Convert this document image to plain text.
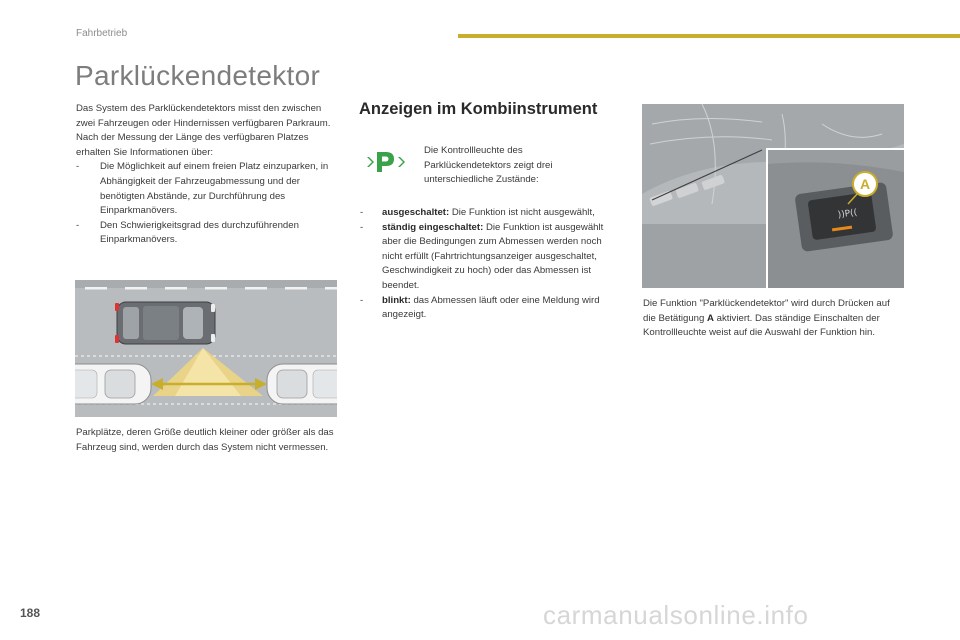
Fahrbetrieb
Parklückendetektor
Das System des Parklückendetektors misst den zwischen zwei Fahrzeugen oder Hindernissen verfügbaren Parkraum. Nach der Messung der Länge des verfügbaren Platzes erhalten Sie Informationen über:
- Die Möglichkeit auf einem freien Platz einzuparken, in Abhängigkeit der Fahrzeugabmessung und der benötigten Abstände, zur Durchführung des Einparkmanövers.
- Den Schwierigkeitsgrad des durchzuführenden Einparkmanövers.
Parkplätze, deren Größe deutlich kleiner oder größer als das Fahrzeug sind, werden durch das System nicht vermessen.
Anzeigen im Kombiinstrument
Die Kontrollleuchte des Parklückendetektors zeigt drei unterschiedliche Zustände:
- ausgeschaltet: Die Funktion ist nicht ausgewählt,
- ständig eingeschaltet: Die Funktion ist ausgewählt aber die Bedingungen zum Abmessen werden noch nicht erfüllt (Fahrtrichtungsanzeiger ausgeschaltet, Geschwindigkeit zu hoch) oder das Abmessen ist beendet.
- blinkt: das Abmessen läuft oder eine Meldung wird angezeigt.
))P((
A
Die Funktion "Parklückendetektor" wird durch Drücken auf die Betätigung A aktiviert. Das ständige Einschalten der Kontrollleuchte weist auf die Auswahl der Funktion hin.
188	carmanualsonline.info
